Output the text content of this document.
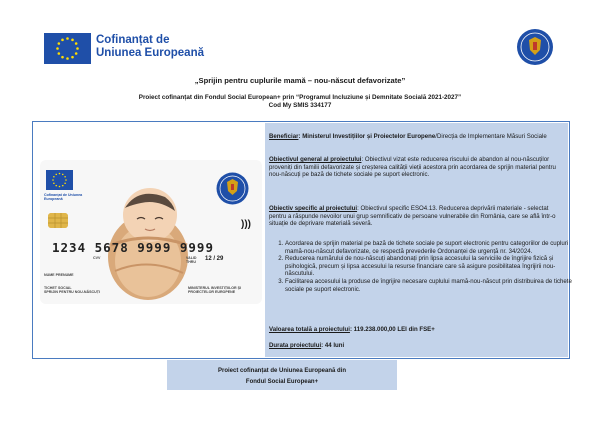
Cofinanțat de
Uniunea Europeană
„Sprijin pentru cuplurile mamă – nou-născut defavorizate”
Proiect cofinanțat din Fondul Social European+ prin “Programul Incluziune și Demnitate Socială 2021-2027”
Cod My SMIS 334177
Cofinanțat de Uniunea Europeană
)))
1234 5678 9999 9999
CVV	VALID THRU	12 / 29
NUME PRENUME
TICHET SOCIAL
SPRIJIN PENTRU NOU-NĂSCUȚI
MINISTERUL INVESTIȚIILOR ȘI
PROIECTELOR EUROPENE
Beneficiar: Ministerul Investițiilor și Proiectelor Europene/Direcția de Implementare Măsuri Sociale
Obiectivul general al proiectului: Obiectivul vizat este reducerea riscului de abandon al nou-născuților proveniți din familii defavorizate și creșterea calității vieții acestora prin acordarea de sprijin material pentru nou-născuți pe bază de tichete sociale pe suport electronic.
Obiectiv specific al proiectului: Obiectivul specific ESO4.13. Reducerea deprivării materiale - selectat pentru a răspunde nevoilor unui grup semnificativ de persoane vulnerabile din România, care se află într-o situație de deprivare materială severă.
1. Acordarea de sprijin material pe bază de tichete sociale pe suport electronic pentru categoriilor de cupluri mamă-nou-născut defavorizate, ce respectă prevederile Ordonanței de urgență nr. 34/2024.
2. Reducerea numărului de nou-născuți abandonați prin lipsa accesului la serviciile de îngrijire fizică și psihologică, precum și lipsa accesului la resurse financiare care să asigure posibilitatea îngrijirii nou-născutului.
3. Facilitarea accesului la produse de îngrijire necesare cuplului mamă-nou-născut prin distribuirea de tichete sociale pe suport electronic.
Valoarea totală a proiectului: 119.238.000,00 LEI din FSE+
Durata proiectului: 44 luni
Proiect cofinanțat de Uniunea Europeană din
Fondul Social European+
